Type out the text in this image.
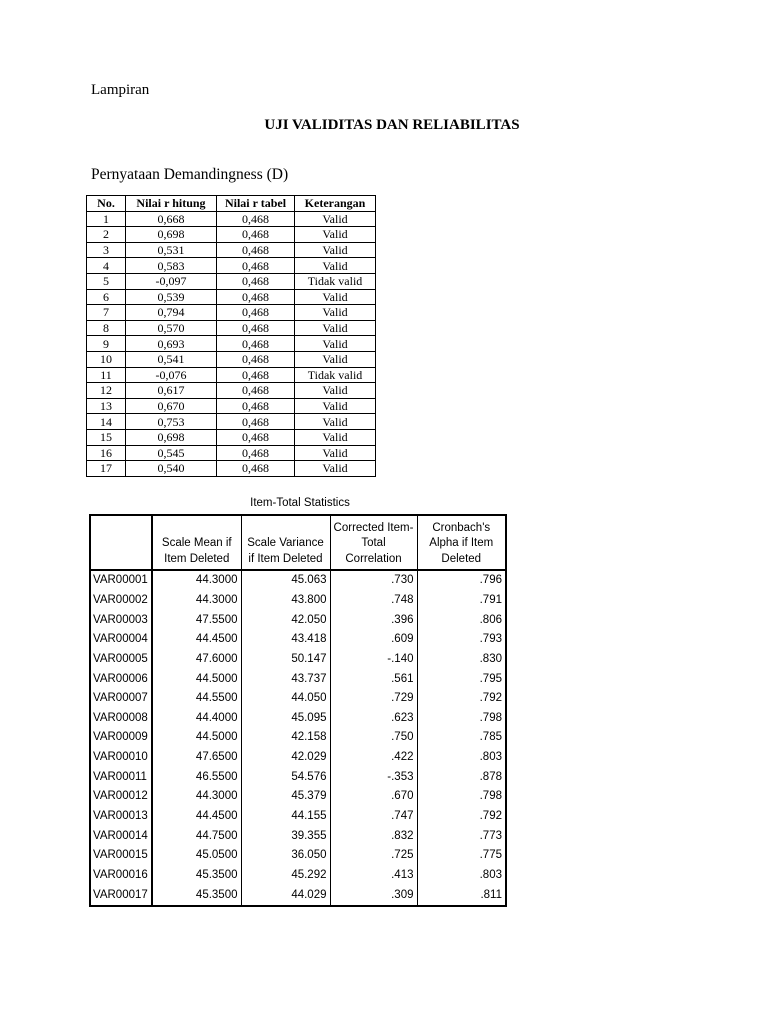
Lampiran
UJI VALIDITAS DAN RELIABILITAS
Pernyataan Demandingness (D)
No.	Nilai r hitung	Nilai r tabel	Keterangan
1	0,668	0,468	Valid
2	0,698	0,468	Valid
3	0,531	0,468	Valid
4	0,583	0,468	Valid
5	-0,097	0,468	Tidak valid
6	0,539	0,468	Valid
7	0,794	0,468	Valid
8	0,570	0,468	Valid
9	0,693	0,468	Valid
10	0,541	0,468	Valid
11	-0,076	0,468	Tidak valid
12	0,617	0,468	Valid
13	0,670	0,468	Valid
14	0,753	0,468	Valid
15	0,698	0,468	Valid
16	0,545	0,468	Valid
17	0,540	0,468	Valid
Item-Total Statistics
	Scale Mean if Item Deleted	Scale Variance if Item Deleted	Corrected Item-Total Correlation	Cronbach's Alpha if Item Deleted
VAR00001	44.3000	45.063	.730	.796
VAR00002	44.3000	43.800	.748	.791
VAR00003	47.5500	42.050	.396	.806
VAR00004	44.4500	43.418	.609	.793
VAR00005	47.6000	50.147	-.140	.830
VAR00006	44.5000	43.737	.561	.795
VAR00007	44.5500	44.050	.729	.792
VAR00008	44.4000	45.095	.623	.798
VAR00009	44.5000	42.158	.750	.785
VAR00010	47.6500	42.029	.422	.803
VAR00011	46.5500	54.576	-.353	.878
VAR00012	44.3000	45.379	.670	.798
VAR00013	44.4500	44.155	.747	.792
VAR00014	44.7500	39.355	.832	.773
VAR00015	45.0500	36.050	.725	.775
VAR00016	45.3500	45.292	.413	.803
VAR00017	45.3500	44.029	.309	.811
